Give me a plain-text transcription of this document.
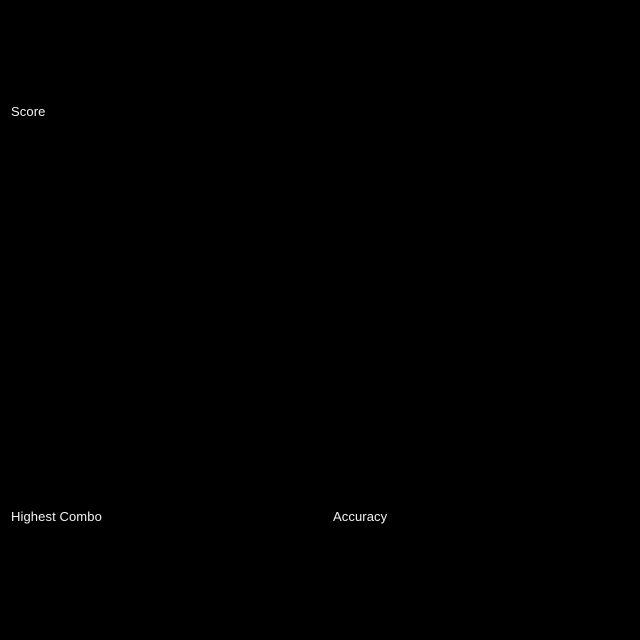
Score
Highest Combo	Accuracy
